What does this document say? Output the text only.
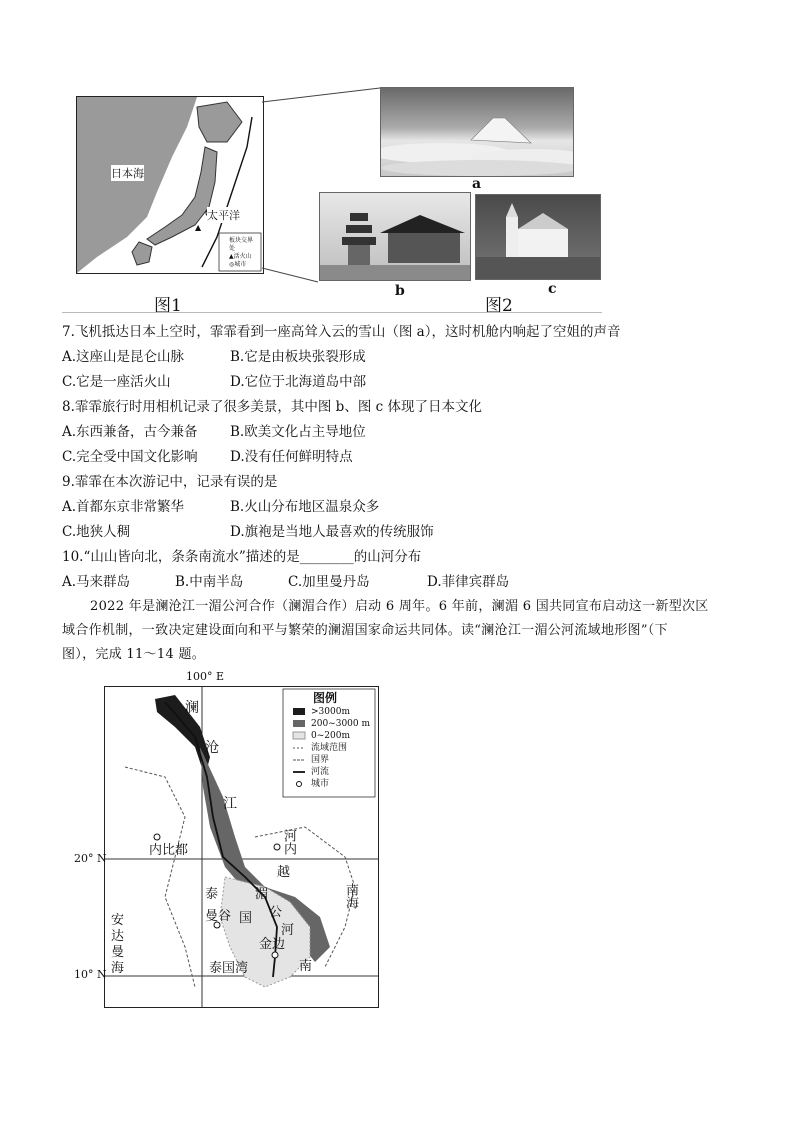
▲
日本海
太平洋
板块交界处
▲活火山
◎城市
a
b	c
图1	图2
7.飞机抵达日本上空时，霏霏看到一座高耸入云的雪山（图 a），这时机舱内响起了空姐的声音
A.这座山是昆仑山脉	B.它是由板块张裂形成
C.它是一座活火山	D.它位于北海道岛中部
8.霏霏旅行时用相机记录了很多美景，其中图 b、图 c 体现了日本文化
A.东西兼备，古今兼备 B.欧美文化占主导地位
C.完全受中国文化影响 D.没有任何鲜明特点
9.霏霏在本次游记中，记录有误的是
A.首都东京非常繁华	B.火山分布地区温泉众多
C.地狭人稠	D.旗袍是当地人最喜欢的传统服饰
10.“山山皆向北，条条南流水”描述的是________的山河分布
A.马来群岛	B.中南半岛	C.加里曼丹岛	D.菲律宾群岛
2022 年是澜沧江一湄公河合作（澜湄合作）启动 6 周年。6 年前，澜湄 6 国共同宣布启动这一新型次区
域合作机制，一致决定建设面向和平与繁荣的澜湄国家命运共同体。读“澜沧江一湄公河流域地形图”（下
图），完成 11～14 题。
100° E
图例
>3000m
200~3000 m
0~200m
流域范围
国界
河流
城市
澜
沧
江
内比都	河内
越
泰
曼谷 国
湄
公
河
金边
南
南海
安达曼海	泰国湾
20° N
10° N
